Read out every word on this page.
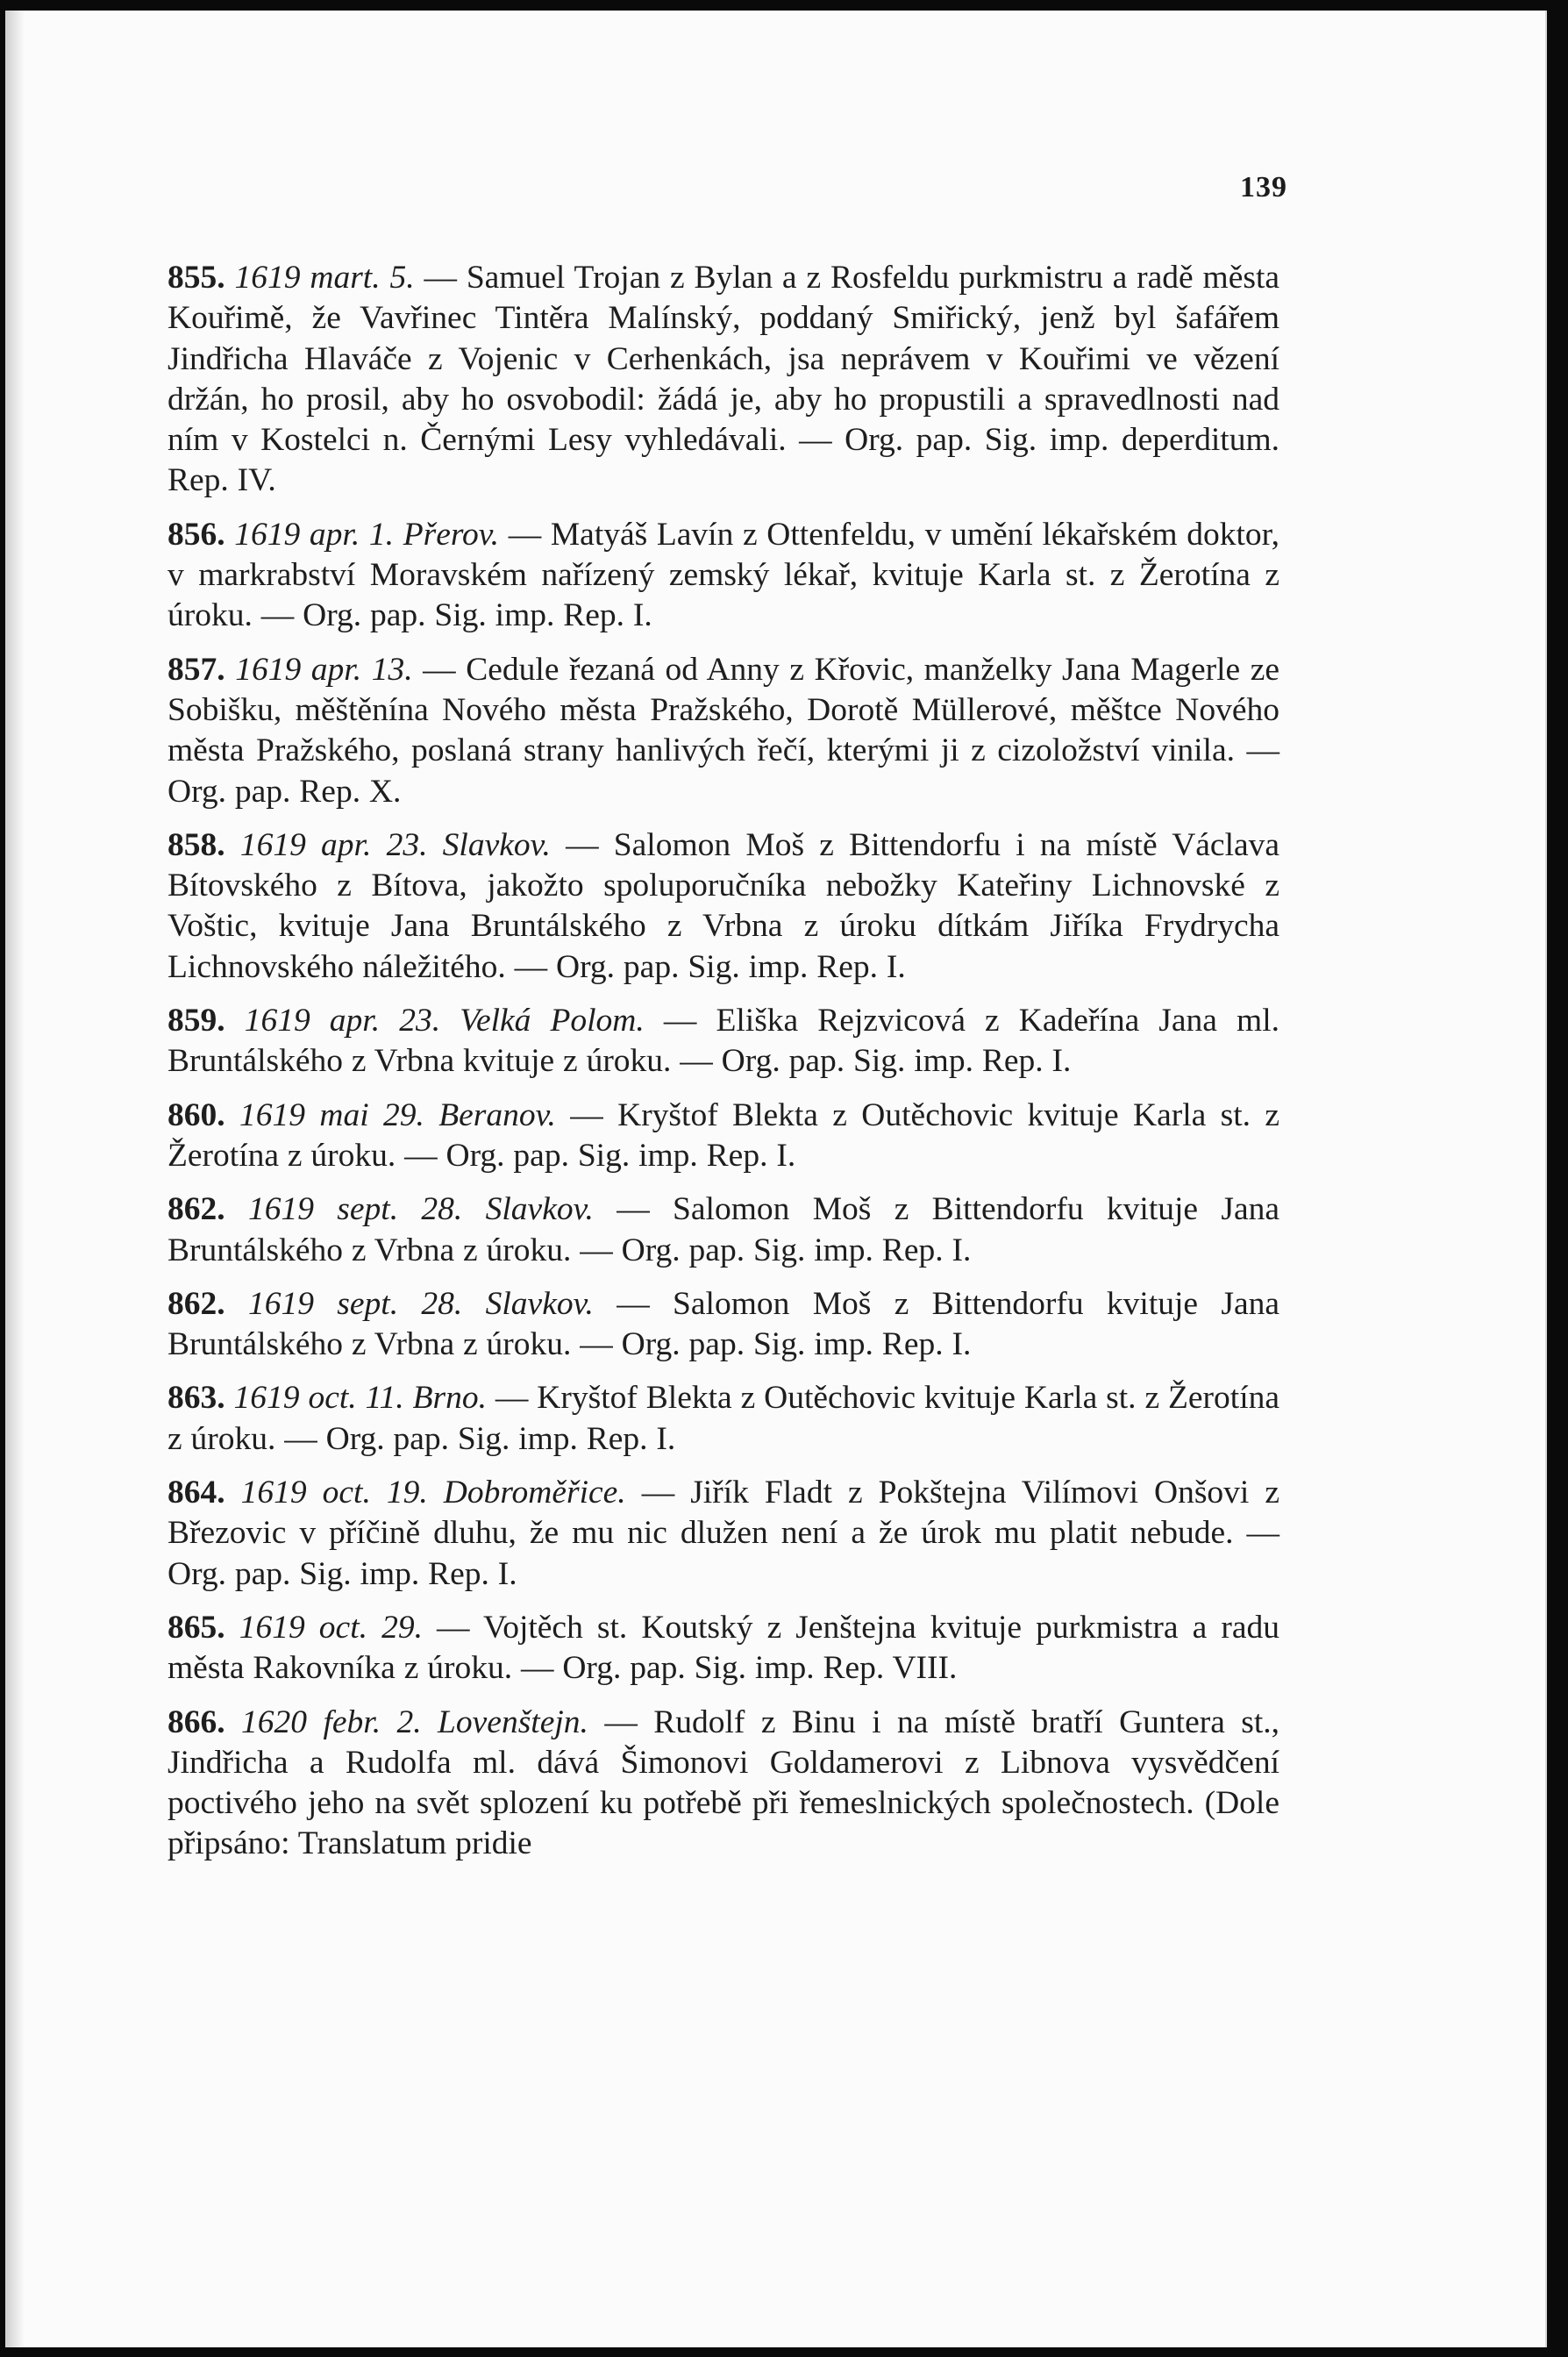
139

855. 1619 mart. 5. — Samuel Trojan z Bylan a z Rosfeldu purkmistru a radě města Kouřimě, že Vavřinec Tintěra Malínský, poddaný Smiřický, jenž byl šafářem Jindřicha Hlaváče z Vojenic v Cerhenkách, jsa neprávem v Kouřimi ve vězení držán, ho prosil, aby ho osvobodil: žádá je, aby ho propustili a spravedlnosti nad ním v Kostelci n. Černými Lesy vyhledávali. — Org. pap. Sig. imp. deperditum. Rep. IV.

856. 1619 apr. 1. Přerov. — Matyáš Lavín z Ottenfeldu, v umění lékařském doktor, v markrabství Moravském nařízený zemský lékař, kvituje Karla st. z Žerotína z úroku. — Org. pap. Sig. imp. Rep. I.

857. 1619 apr. 13. — Cedule řezaná od Anny z Křovic, manželky Jana Magerle ze Sobišku, měštěnína Nového města Pražského, Dorotě Müllerové, měštce Nového města Pražského, poslaná strany hanlivých řečí, kterými ji z cizoložství vinila. — Org. pap. Rep. X.

858. 1619 apr. 23. Slavkov. — Salomon Moš z Bittendorfu i na místě Václava Bítovského z Bítova, jakožto spoluporučníka nebožky Kateřiny Lichnovské z Voštic, kvituje Jana Bruntálského z Vrbna z úroku dítkám Jiříka Frydrycha Lichnovského náležitého. — Org. pap. Sig. imp. Rep. I.

859. 1619 apr. 23. Velká Polom. — Eliška Rejzvicová z Kadeřína Jana ml. Bruntálského z Vrbna kvituje z úroku. — Org. pap. Sig. imp. Rep. I.

860. 1619 mai 29. Beranov. — Kryštof Blekta z Outěchovic kvituje Karla st. z Žerotína z úroku. — Org. pap. Sig. imp. Rep. I.

862. 1619 sept. 28. Slavkov. — Salomon Moš z Bittendorfu kvituje Jana Bruntálského z Vrbna z úroku. — Org. pap. Sig. imp. Rep. I.

862. 1619 sept. 28. Slavkov. — Salomon Moš z Bittendorfu kvituje Jana Bruntálského z Vrbna z úroku. — Org. pap. Sig. imp. Rep. I.

863. 1619 oct. 11. Brno. — Kryštof Blekta z Outěchovic kvituje Karla st. z Žerotína z úroku. — Org. pap. Sig. imp. Rep. I.

864. 1619 oct. 19. Dobroměřice. — Jiřík Fladt z Pokštejna Vilímovi Onšovi z Březovic v příčině dluhu, že mu nic dlužen není a že úrok mu platit nebude. — Org. pap. Sig. imp. Rep. I.

865. 1619 oct. 29. — Vojtěch st. Koutský z Jenštejna kvituje purkmistra a radu města Rakovníka z úroku. — Org. pap. Sig. imp. Rep. VIII.

866. 1620 febr. 2. Lovenštejn. — Rudolf z Binu i na místě bratří Guntera st., Jindřicha a Rudolfa ml. dává Šimonovi Goldamerovi z Libnova vysvědčení poctivého jeho na svět splození ku potřebě při řemeslnických společnostech. (Dole připsáno: Translatum pridie
